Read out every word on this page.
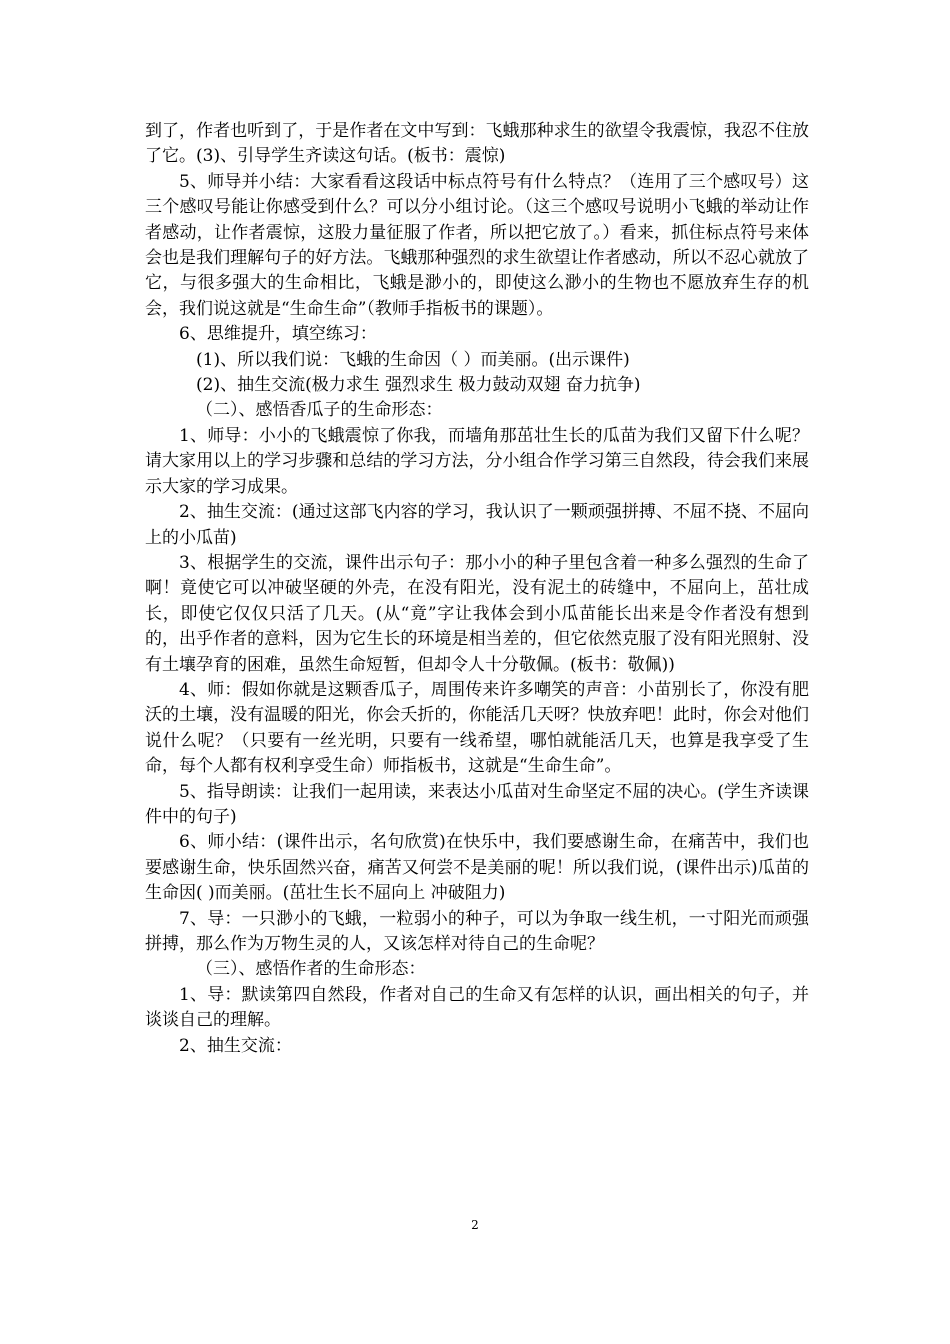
到了，作者也听到了，于是作者在文中写到：飞蛾那种求生的欲望令我震惊，我忍不住放了它。(3)、引导学生齐读这句话。(板书：震惊)

5、师导并小结：大家看看这段话中标点符号有什么特点？（连用了三个感叹号）这三个感叹号能让你感受到什么？可以分小组讨论。（这三个感叹号说明小飞蛾的举动让作者感动，让作者震惊，这股力量征服了作者，所以把它放了。）看来，抓住标点符号来体会也是我们理解句子的好方法。飞蛾那种强烈的求生欲望让作者感动，所以不忍心就放了它，与很多强大的生命相比，飞蛾是渺小的，即使这么渺小的生物也不愿放弃生存的机会，我们说这就是“生命生命”（教师手指板书的课题）。

6、思维提升，填空练习：

(1)、所以我们说：飞蛾的生命因（ ）而美丽。(出示课件)

(2)、抽生交流(极力求生 强烈求生 极力鼓动双翅 奋力抗争)

（二）、感悟香瓜子的生命形态：

1、师导：小小的飞蛾震惊了你我，而墙角那茁壮生长的瓜苗为我们又留下什么呢？请大家用以上的学习步骤和总结的学习方法，分小组合作学习第三自然段，待会我们来展示大家的学习成果。

2、抽生交流：(通过这部飞内容的学习，我认识了一颗顽强拼搏、不屈不挠、不屈向上的小瓜苗)

3、根据学生的交流，课件出示句子：那小小的种子里包含着一种多么强烈的生命了啊！竟使它可以冲破坚硬的外壳，在没有阳光，没有泥土的砖缝中，不屈向上，茁壮成长，即使它仅仅只活了几天。(从“竟”字让我体会到小瓜苗能长出来是令作者没有想到的，出乎作者的意料，因为它生长的环境是相当差的，但它依然克服了没有阳光照射、没有土壤孕育的困难，虽然生命短暂，但却令人十分敬佩。(板书：敬佩))

4、师：假如你就是这颗香瓜子，周围传来许多嘲笑的声音：小苗别长了，你没有肥沃的土壤，没有温暖的阳光，你会夭折的，你能活几天呀？快放弃吧！此时，你会对他们说什么呢？（只要有一丝光明，只要有一线希望，哪怕就能活几天，也算是我享受了生命，每个人都有权利享受生命）师指板书，这就是“生命生命”。

5、指导朗读：让我们一起用读，来表达小瓜苗对生命坚定不屈的决心。(学生齐读课件中的句子)

6、师小结：(课件出示，名句欣赏)在快乐中，我们要感谢生命，在痛苦中，我们也要感谢生命，快乐固然兴奋，痛苦又何尝不是美丽的呢！所以我们说，(课件出示)瓜苗的生命因( )而美丽。(茁壮生长不屈向上 冲破阻力)

7、导：一只渺小的飞蛾，一粒弱小的种子，可以为争取一线生机，一寸阳光而顽强拼搏，那么作为万物生灵的人，又该怎样对待自己的生命呢？

（三）、感悟作者的生命形态：

1、导：默读第四自然段，作者对自己的生命又有怎样的认识，画出相关的句子，并谈谈自己的理解。

2、抽生交流：

2
